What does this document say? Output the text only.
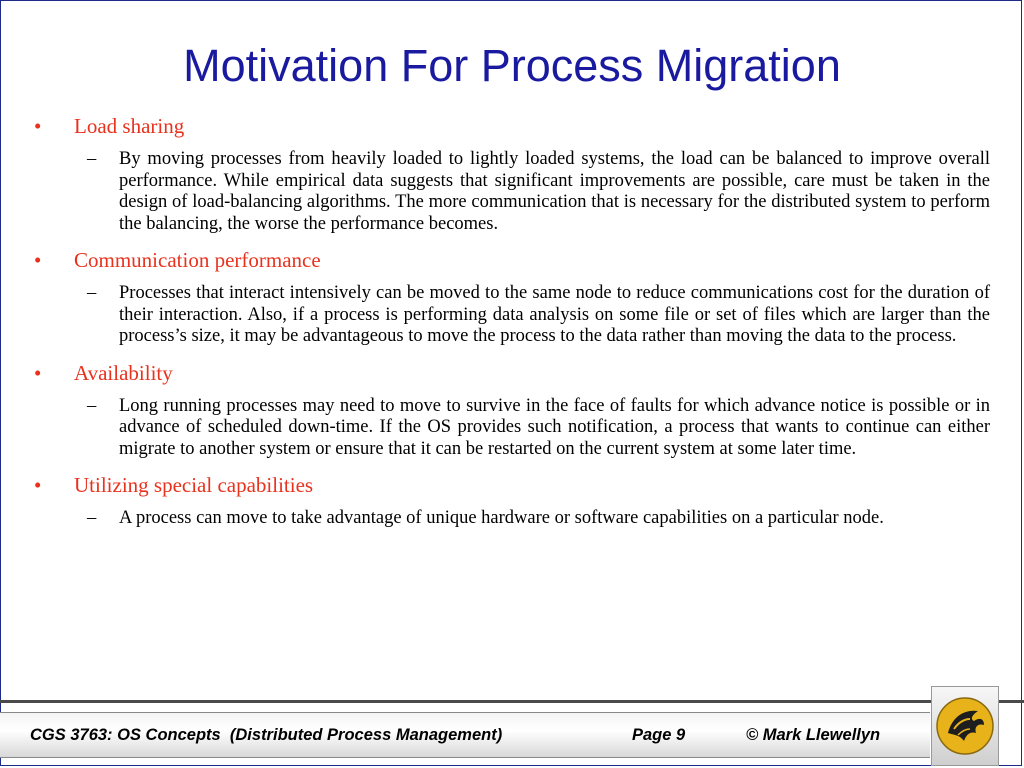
Motivation For Process Migration
• Load sharing
– By moving processes from heavily loaded to lightly loaded systems, the load can be balanced to improve overall performance. While empirical data suggests that significant improvements are possible, care must be taken in the design of load-balancing algorithms. The more communication that is necessary for the distributed system to perform the balancing, the worse the performance becomes.
• Communication performance
– Processes that interact intensively can be moved to the same node to reduce communications cost for the duration of their interaction. Also, if a process is performing data analysis on some file or set of files which are larger than the process’s size, it may be advantageous to move the process to the data rather than moving the data to the process.
• Availability
– Long running processes may need to move to survive in the face of faults for which advance notice is possible or in advance of scheduled down-time. If the OS provides such notification, a process that wants to continue can either migrate to another system or ensure that it can be restarted on the current system at some later time.
• Utilizing special capabilities
– A process can move to take advantage of unique hardware or software capabilities on a particular node.
CGS 3763: OS Concepts  (Distributed Process Management)	Page 9	© Mark Llewellyn
